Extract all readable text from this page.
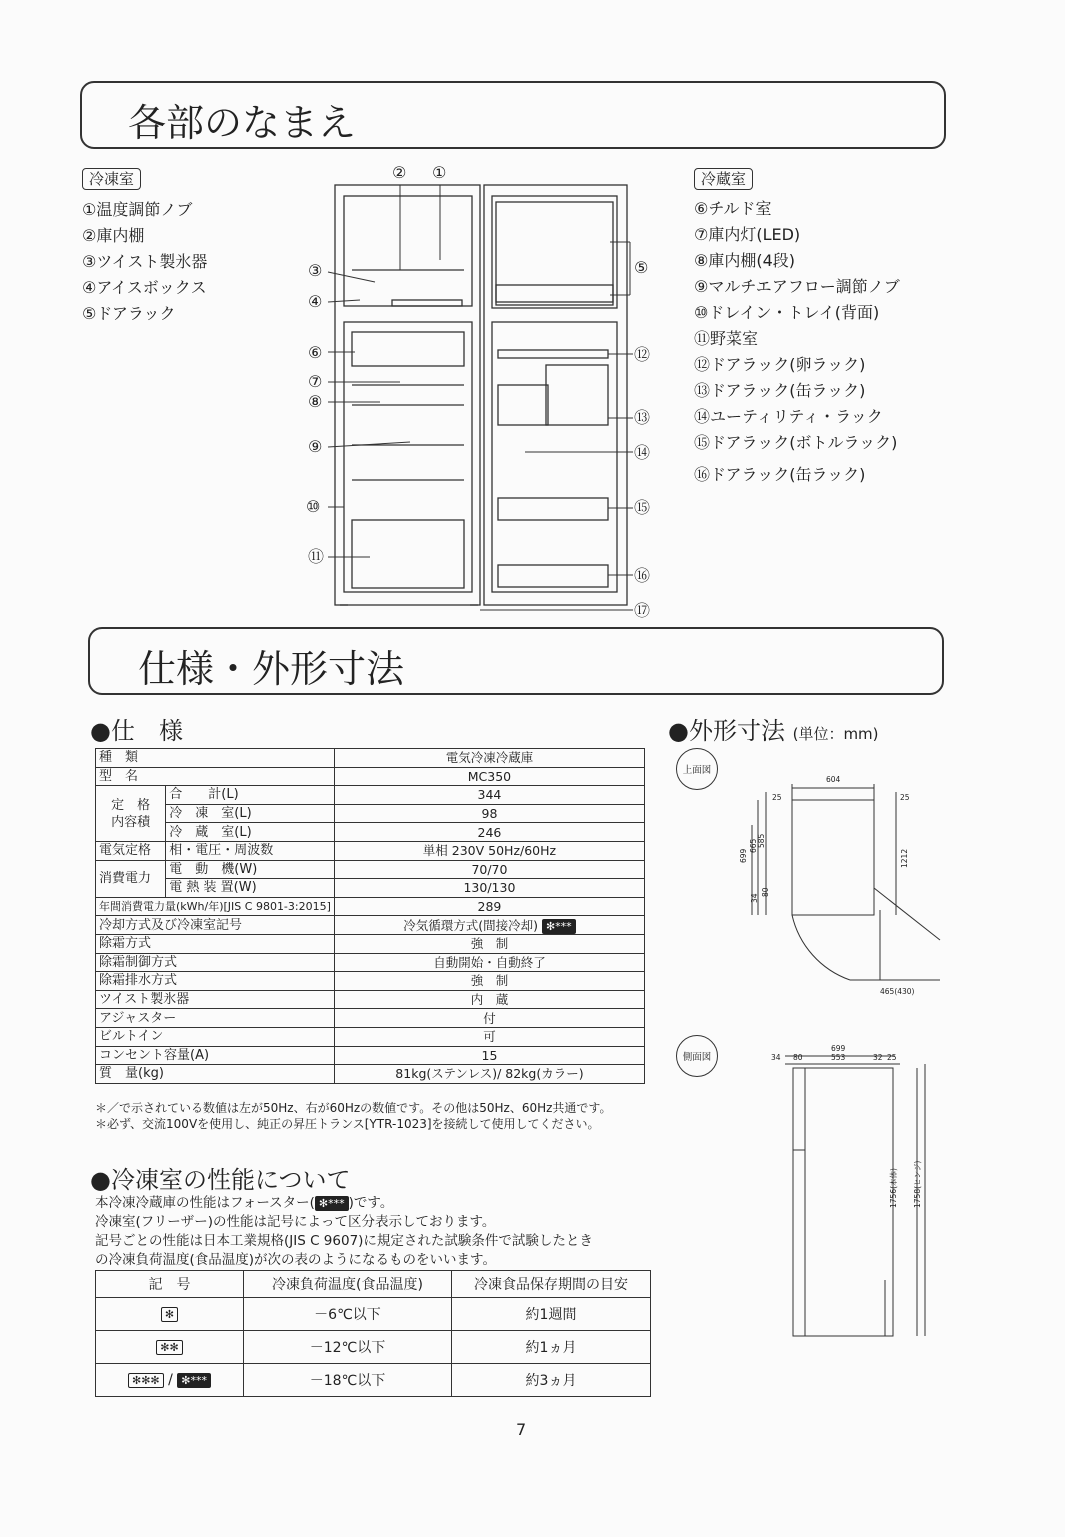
各部のなまえ
冷凍室
①温度調節ノブ
②庫内棚
③ツイスト製氷器
④アイスボックス
⑤ドアラック
冷蔵室
⑥チルド室
⑦庫内灯(LED)
⑧庫内棚(4段)
⑨マルチエアフロー調節ノブ
⑩ドレイン・トレイ(背面)
⑪野菜室
⑫ドアラック(卵ラック)
⑬ドアラック(缶ラック)
⑭ユーティリティ・ラック
⑮ドアラック(ボトルラック)
⑯ドアラック(缶ラック)
①
②
③
④
⑤
⑥
⑦
⑧
⑨
⑩
⑪
⑫
⑬
⑭
⑮
⑯
⑰
仕様・外形寸法
●仕　様
種　類		電気冷凍冷蔵庫
型　名		MC350
定　格
内容積	合　　計(L)	344
	冷　凍　室(L)	98
	冷　蔵　室(L)	246
電気定格	相・電圧・周波数	単相 230V 50Hz/60Hz
消費電力	電　動　機(W)	70/70
	電 熱 装 置(W)	130/130
年間消費電力量(kWh/年)[JIS C 9801-3:2015]		289
冷却方式及び冷凍室記号		冷気循環方式(間接冷却) ✻***
除霜方式		強　制
除霜制御方式		自動開始・自動終了
除霜排水方式		強　制
ツイスト製氷器		内　蔵
アジャスター		付
ビルトイン		可
コンセント容量(A)		15
質　量(kg)		81kg(ステンレス)/ 82kg(カラー)
＊／で示されている数値は左が50Hz、右が60Hzの数値です。その他は50Hz、60Hz共通です。
＊必ず、交流100Vを使用し、純正の昇圧トランス[YTR-1023]を接続して使用してください。
●外形寸法 (単位：mm)
上面図
604
25	25
699
665 585
1212
80
34
465(430)
側面図
699
34 80	553	32 25
1756(本体) 1758(ヒンジ)
●冷凍室の性能について
本冷凍冷蔵庫の性能はフォースター( ✻*** )です。
冷凍室(フリーザー)の性能は記号によって区分表示しております。
記号ごとの性能は日本工業規格(JIS C 9607)に規定された試験条件で試験したとき
の冷凍負荷温度(食品温度)が次の表のようになるものをいいます。
記　号	冷凍負荷温度(食品温度)	冷凍食品保存期間の目安
✻	－6℃以下	約1週間
✻✻	－12℃以下	約1ヵ月
✻✻✻ / ✻***	－18℃以下	約3ヵ月
7
